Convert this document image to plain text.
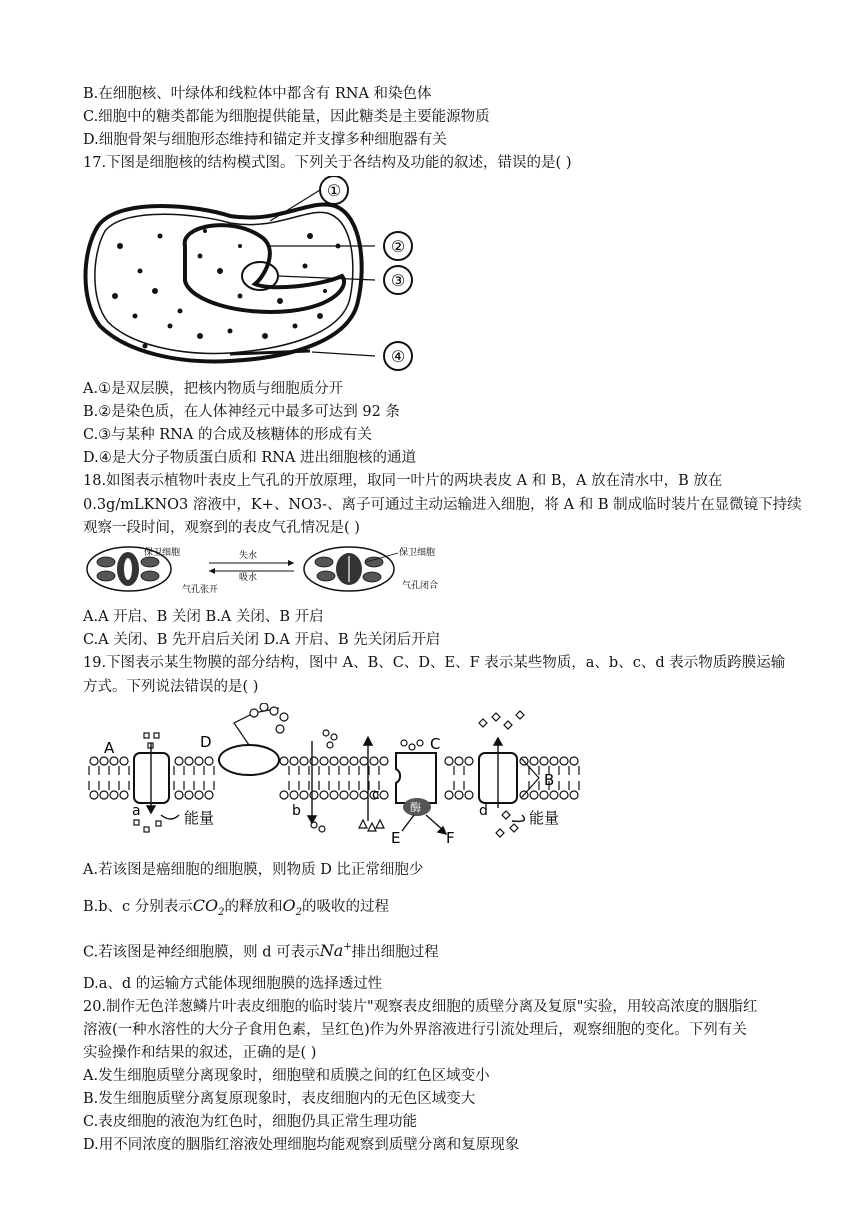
B.在细胞核、叶绿体和线粒体中都含有 RNA 和染色体
C.细胞中的糖类都能为细胞提供能量，因此糖类是主要能源物质
D.细胞骨架与细胞形态维持和锚定并支撑多种细胞器有关
17.下图是细胞核的结构模式图。下列关于各结构及功能的叙述，错误的是( )
①
②
③
④
A.①是双层膜，把核内物质与细胞质分开
B.②是染色质，在人体神经元中最多可达到 92 条
C.③与某种 RNA 的合成及核糖体的形成有关
D.④是大分子物质蛋白质和 RNA 进出细胞核的通道
18.如图表示植物叶表皮上气孔的开放原理，取同一叶片的两块表皮 A 和 B，A 放在清水中，B 放在
0.3g/mLKNO3 溶液中，K+、NO3-、离子可通过主动运输进入细胞，将 A 和 B 制成临时装片在显微镜下持续
观察一段时间，观察到的表皮气孔情况是( )
保卫细胞
气孔张开
失水
吸水
保卫细胞
气孔闭合
A.A 开启、B 关闭 B.A 关闭、B 开启
C.A 关闭、B 先开启后关闭 D.A 开启、B 先关闭后开启
19.下图表示某生物膜的部分结构，图中 A、B、C、D、E、F 表示某些物质，a、b、c、d 表示物质跨膜运输
方式。下列说法错误的是( )
酶
A	D	C
B
E	F
a	b
c
d
能量	能量
A.若该图是癌细胞的细胞膜，则物质 D 比正常细胞少
B.b、c 分别表示$CO_2$的释放和$O_2$的吸收的过程
C.若该图是神经细胞膜，则 d 可表示Na+排出细胞过程
D.a、d 的运输方式能体现细胞膜的选择透过性
20.制作无色洋葱鳞片叶表皮细胞的临时装片"观察表皮细胞的质壁分离及复原"实验，用较高浓度的胭脂红
溶液(一种水溶性的大分子食用色素，呈红色)作为外界溶液进行引流处理后，观察细胞的变化。下列有关
实验操作和结果的叙述，正确的是( )
A.发生细胞质壁分离现象时，细胞壁和质膜之间的红色区域变小
B.发生细胞质壁分离复原现象时，表皮细胞内的无色区域变大
C.表皮细胞的液泡为红色时，细胞仍具正常生理功能
D.用不同浓度的胭脂红溶液处理细胞均能观察到质壁分离和复原现象
